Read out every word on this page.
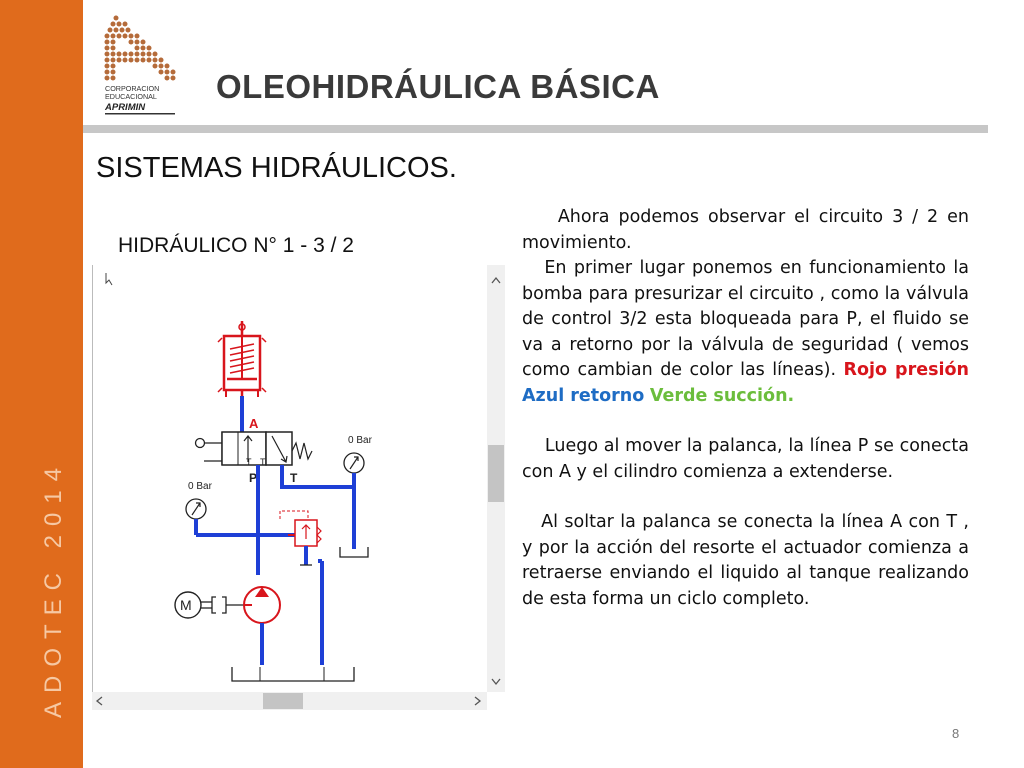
ADOTEC 2014
CORPORACION
EDUCACIONAL
APRIMIN
OLEOHIDRÁULICA BÁSICA
SISTEMAS HIDRÁULICOS.
HIDRÁULICO N° 1 - 3 / 2
A
T T
P	T
0 Bar
0 Bar
M

Ahora podemos observar el circuito 3 / 2 en movimiento.

En primer lugar ponemos en funcionamiento la bomba para presurizar el circuito , como la válvula de control 3/2 esta bloqueada para P, el fluido se va a retorno por la válvula de seguridad ( vemos como cambian de color las líneas). Rojo presión Azul retorno Verde succión.

Luego al mover la palanca, la línea P se conecta con A y el cilindro comienza a extenderse.

Al soltar la palanca se conecta la línea A con T , y por la acción del resorte el actuador comienza a retraerse enviando el liquido al tanque realizando de esta forma un ciclo completo.

8
